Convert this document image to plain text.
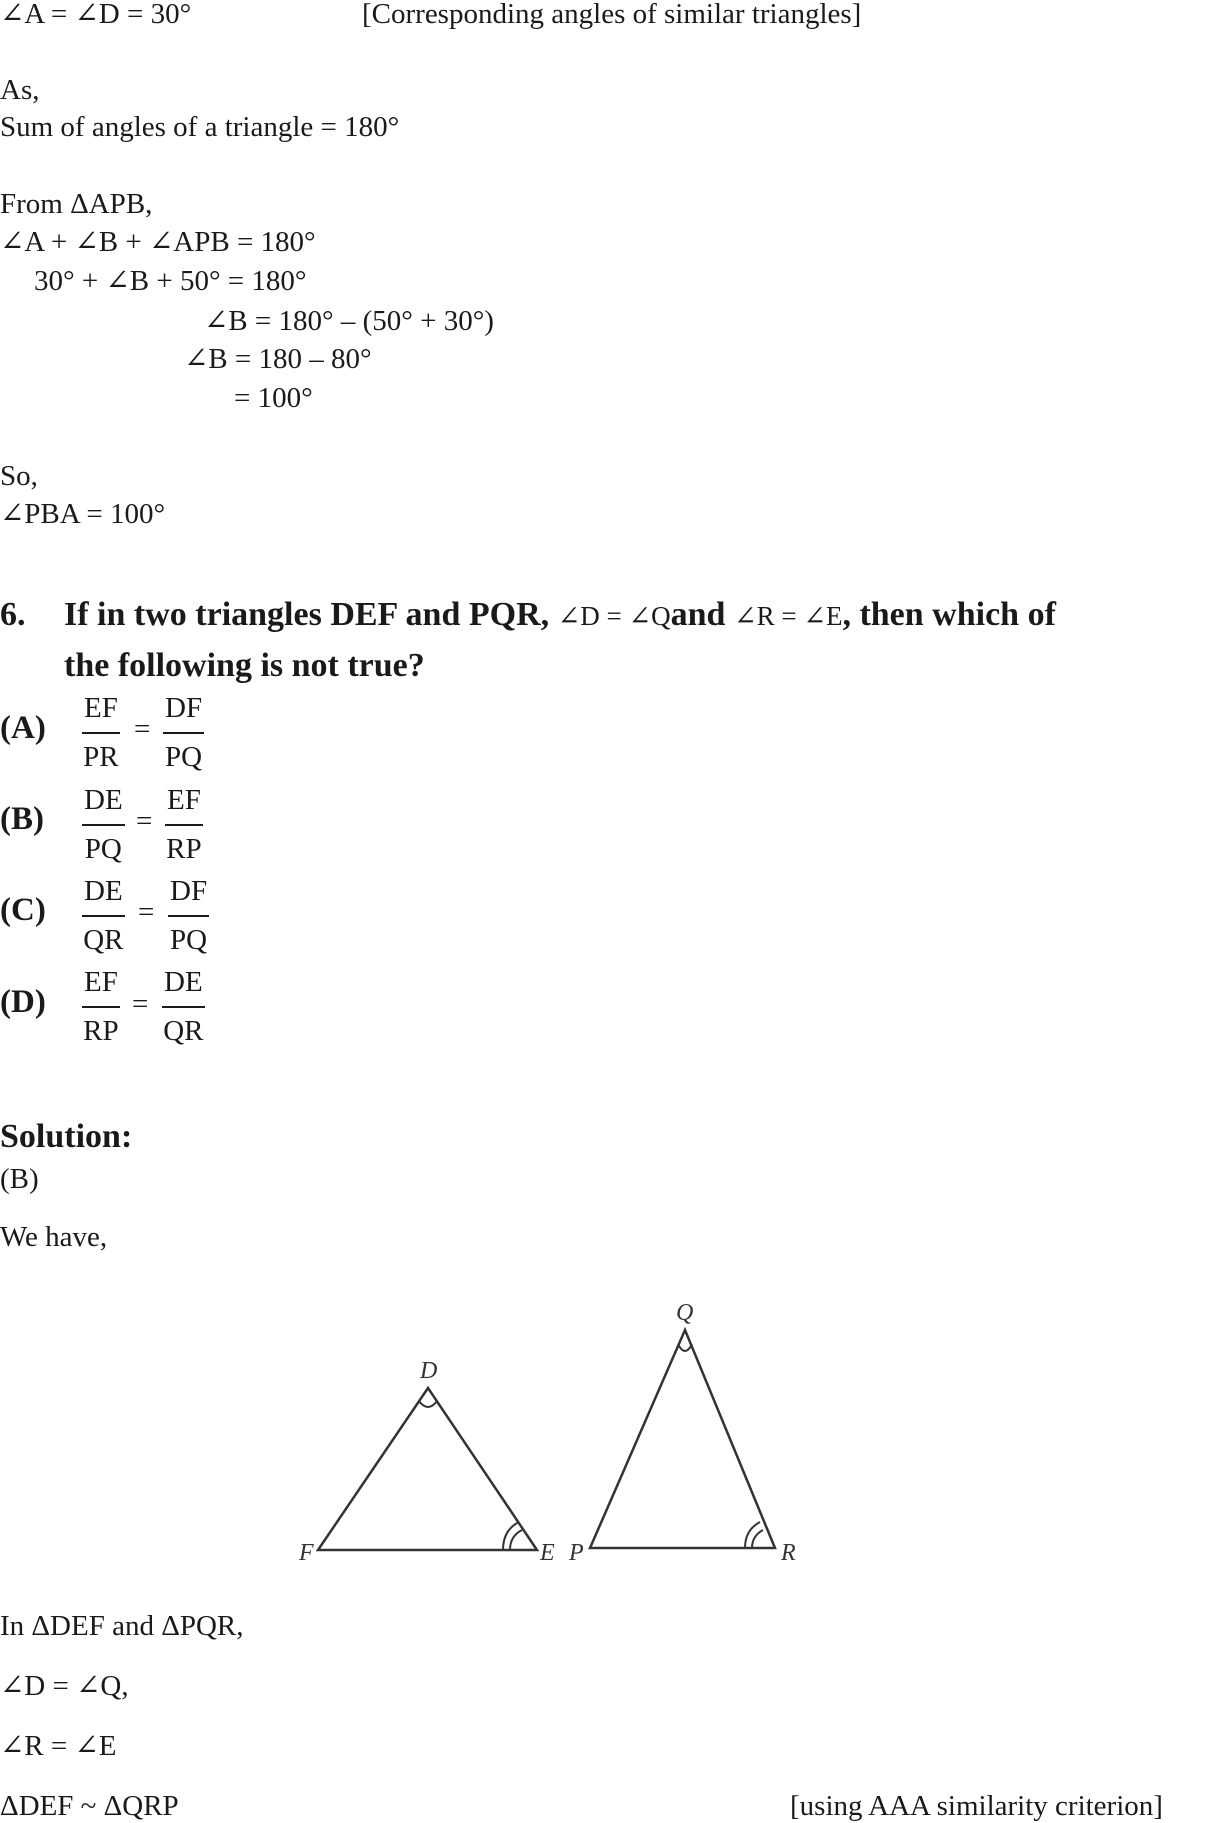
∠A = ∠D = 30°	[Corresponding angles of similar triangles]
As,
Sum of angles of a triangle = 180°
From ΔAPB,
∠A + ∠B + ∠APB = 180°
30° + ∠B + 50° = 180°
∠B = 180° – (50° + 30°)
∠B = 180 – 80°
= 100°
So,
∠PBA = 100°
6. If in two triangles DEF and PQR, ∠D = ∠Qand ∠R = ∠E, then which of
the following is not true?
$(A) \frac{EF}{PR} = \frac{DF}{PQ}$
$(B) \frac{DE}{PQ} = \frac{EF}{RP}$
$(C) \frac{DE}{QR} = \frac{DF}{PQ}$
$(D) \frac{EF}{RP} = \frac{DE}{QR}$
Solution:
(B)
We have,
D
F	E
Q
P	R
In ΔDEF and ΔPQR,
∠D = ∠Q,
∠R = ∠E
ΔDEF ~ ΔQRP	[using AAA similarity criterion]
